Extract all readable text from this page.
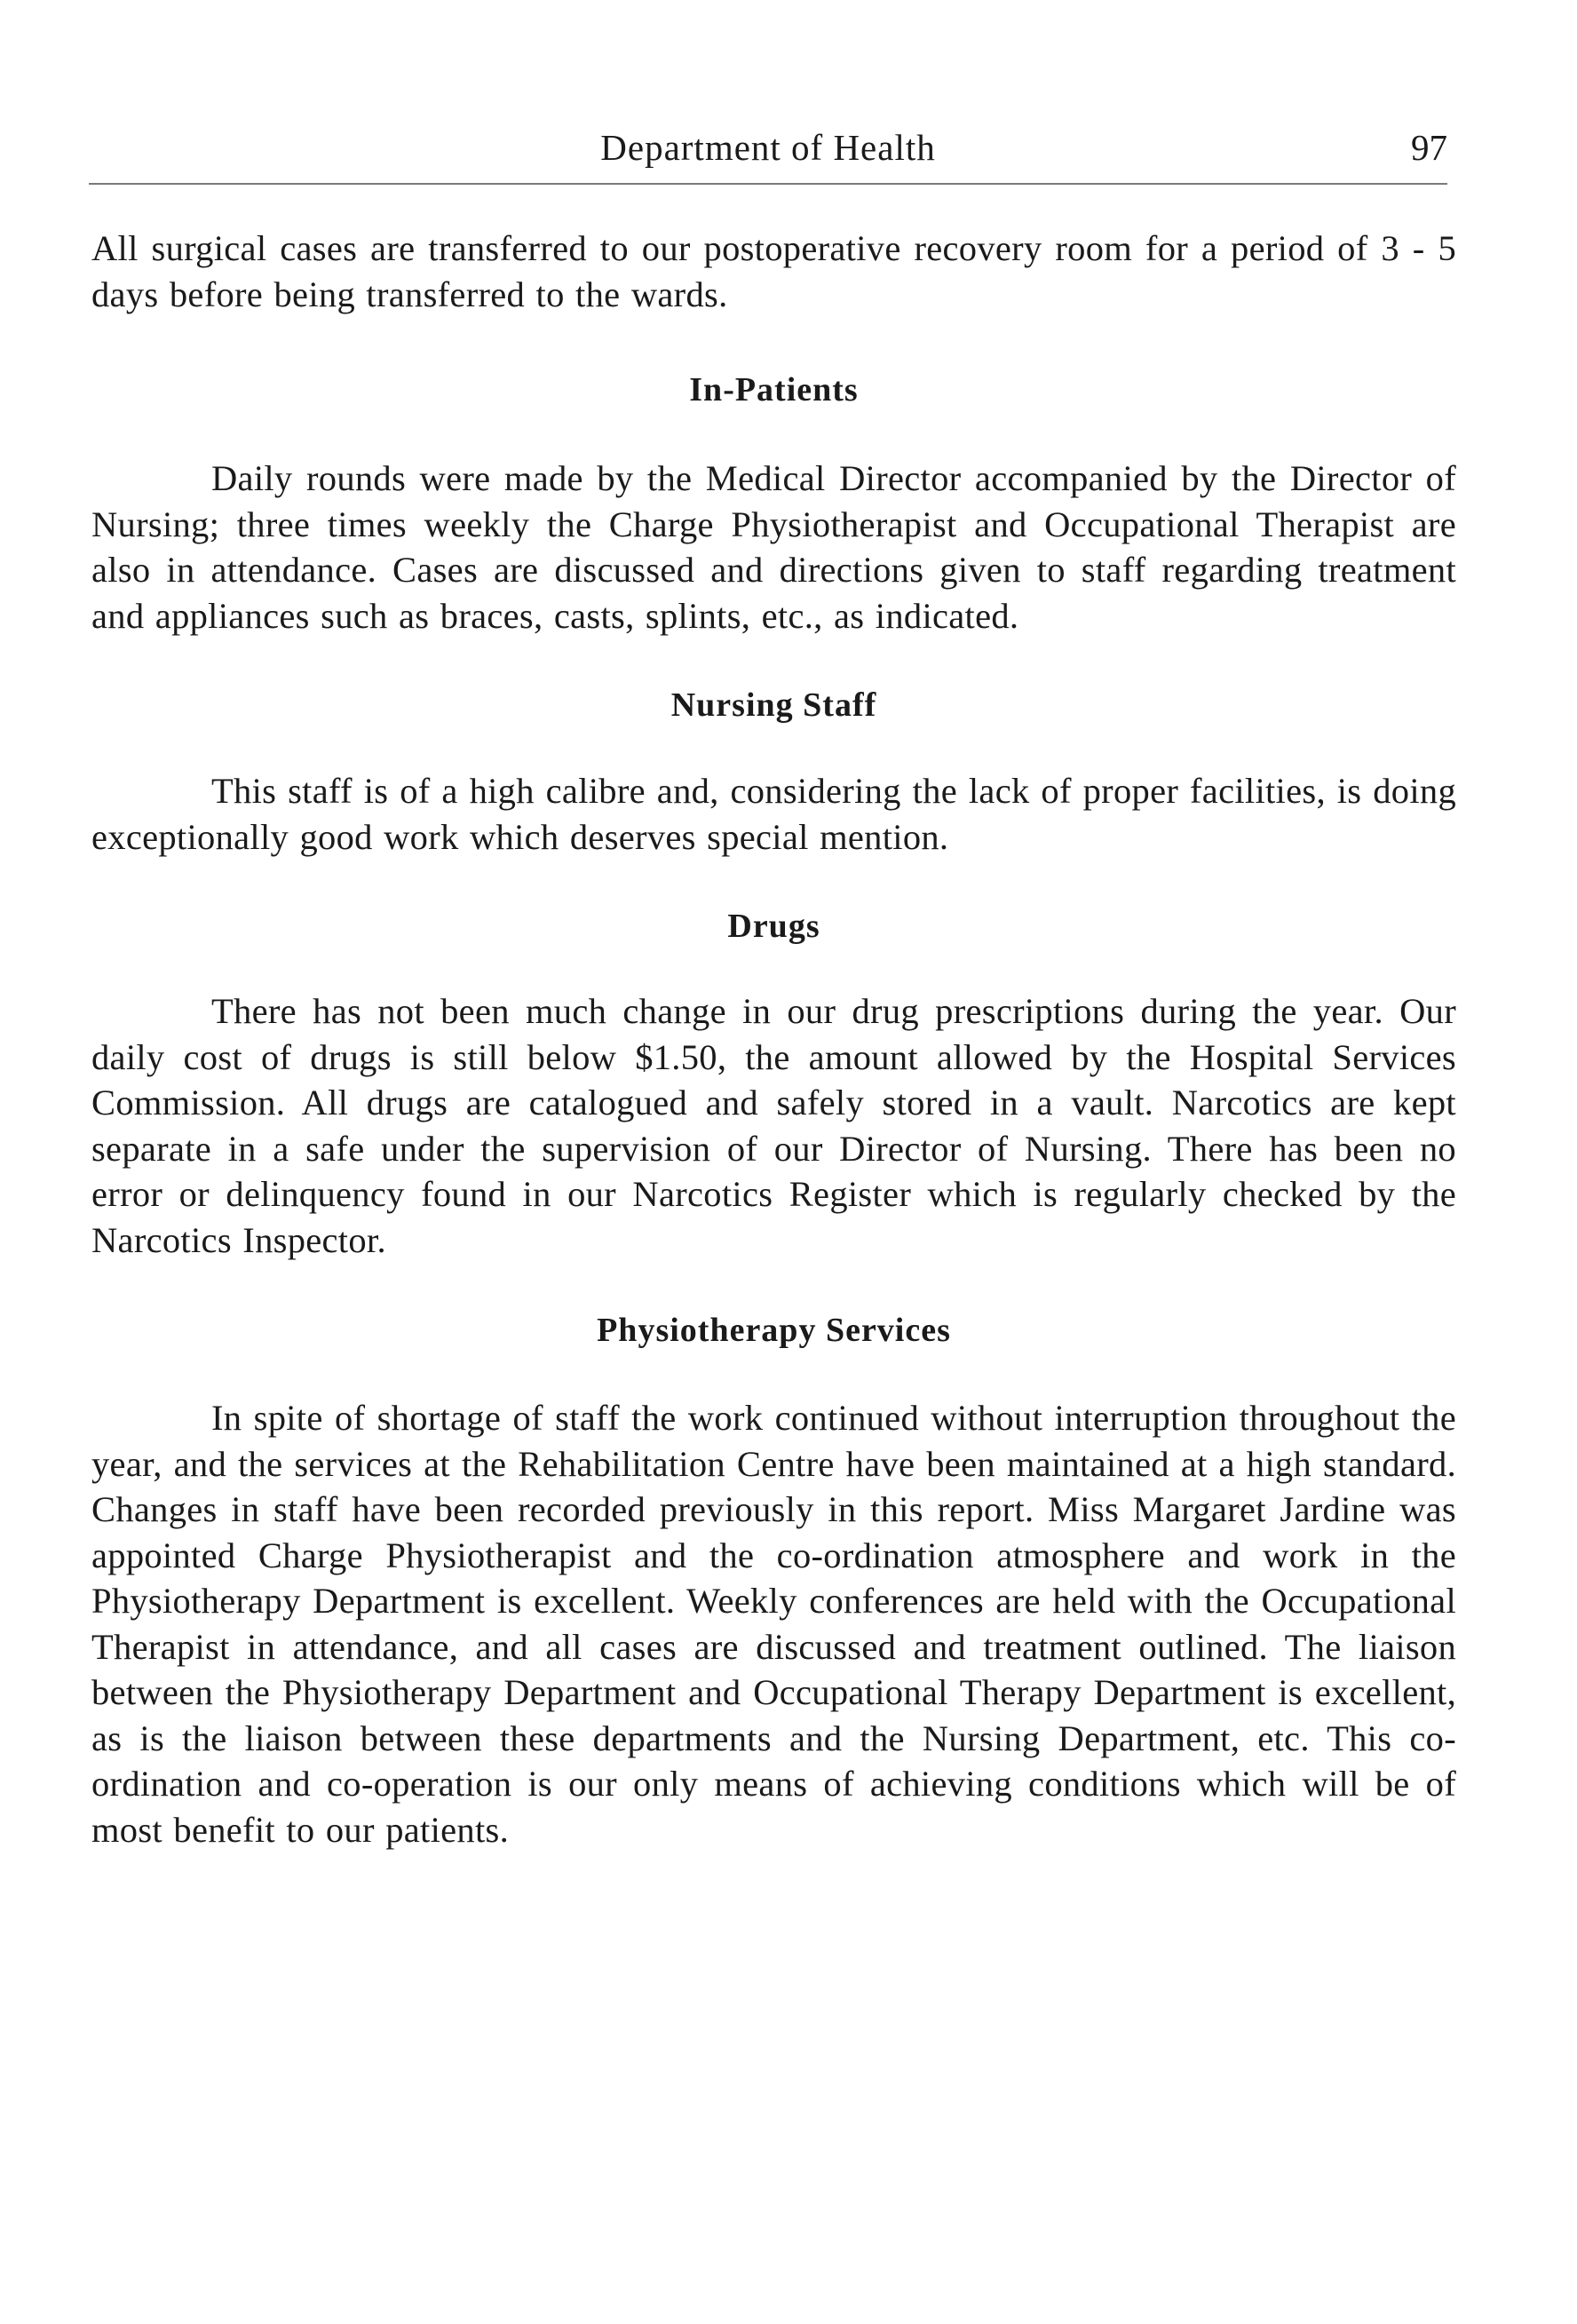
Department of Health	97

All surgical cases are transferred to our postoperative recovery room for a period of 3 - 5 days before being transferred to the wards.

In-Patients

Daily rounds were made by the Medical Director accompanied by the Director of Nursing; three times weekly the Charge Physiotherapist and Occupational Therapist are also in attendance. Cases are discussed and directions given to staff regarding treatment and appliances such as braces, casts, splints, etc., as indicated.

Nursing Staff

This staff is of a high calibre and, considering the lack of proper facilities, is doing exceptionally good work which deserves special mention.

Drugs

There has not been much change in our drug prescriptions during the year. Our daily cost of drugs is still below $1.50, the amount allowed by the Hospital Services Commission. All drugs are catalogued and safely stored in a vault. Narcotics are kept separate in a safe under the supervision of our Director of Nursing. There has been no error or delinquency found in our Narcotics Register which is regularly checked by the Narcotics Inspector.

Physiotherapy Services

In spite of shortage of staff the work continued without interruption throughout the year, and the services at the Rehabilitation Centre have been maintained at a high standard. Changes in staff have been recorded previously in this report. Miss Margaret Jardine was appointed Charge Physiotherapist and the co-ordination atmosphere and work in the Physiotherapy Department is excellent. Weekly conferences are held with the Occupational Therapist in attendance, and all cases are discussed and treatment outlined. The liaison between the Physiotherapy Department and Occupational Therapy Department is excellent, as is the liaison between these departments and the Nursing Department, etc. This co-ordination and co-operation is our only means of achieving conditions which will be of most benefit to our patients.
